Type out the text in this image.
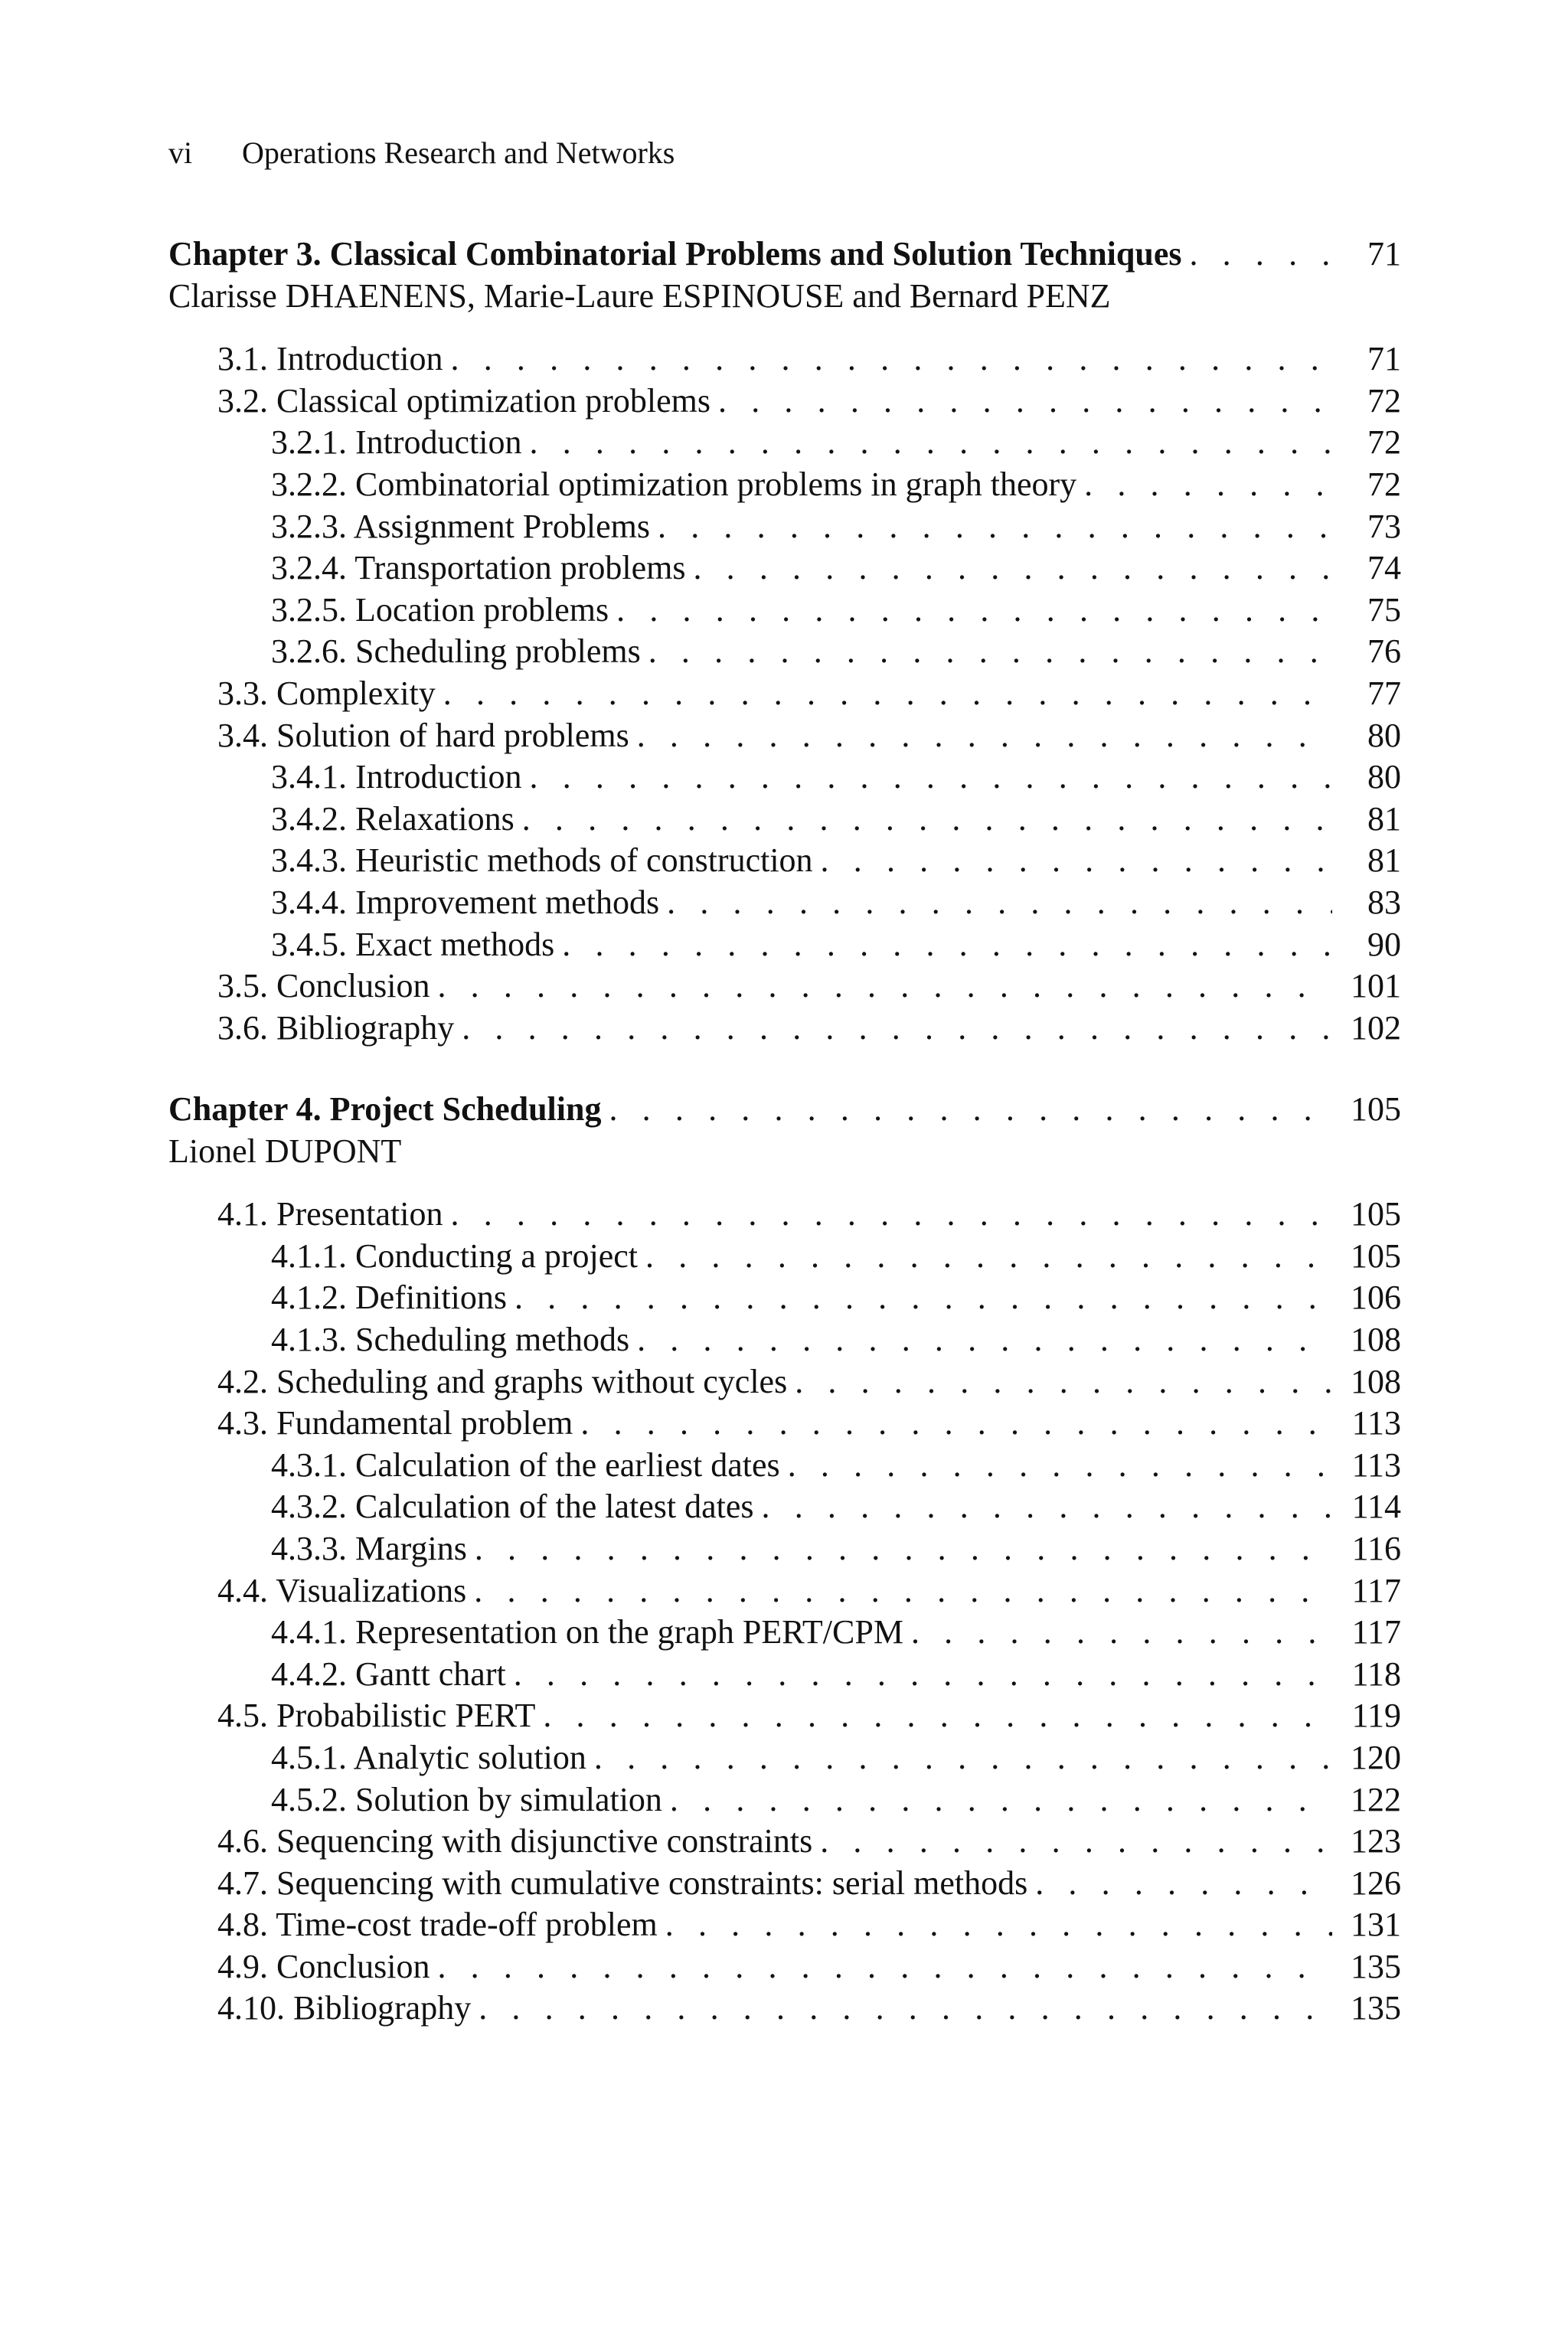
vi Operations Research and Networks
Chapter 3. Classical Combinatorial Problems and Solution Techniques . . .	71
Clarisse DHAENENS, Marie-Laure ESPINOUSE and Bernard PENZ
3.1. Introduction . . .	71
3.2. Classical optimization problems . . .	72
3.2.1. Introduction . . .	72
3.2.2. Combinatorial optimization problems in graph theory . . .	72
3.2.3. Assignment Problems . . .	73
3.2.4. Transportation problems . . .	74
3.2.5. Location problems . . .	75
3.2.6. Scheduling problems . . .	76
3.3. Complexity . . .	77
3.4. Solution of hard problems . . .	80
3.4.1. Introduction . . .	80
3.4.2. Relaxations . . .	81
3.4.3. Heuristic methods of construction . . .	81
3.4.4. Improvement methods . . .	83
3.4.5. Exact methods . . .	90
3.5. Conclusion . . .	101
3.6. Bibliography . . .	102
Chapter 4. Project Scheduling . . .	105
Lionel DUPONT
4.1. Presentation . . .	105
4.1.1. Conducting a project . . .	105
4.1.2. Definitions . . .	106
4.1.3. Scheduling methods . . .	108
4.2. Scheduling and graphs without cycles . . .	108
4.3. Fundamental problem . . .	113
4.3.1. Calculation of the earliest dates . . .	113
4.3.2. Calculation of the latest dates . . .	114
4.3.3. Margins . . .	116
4.4. Visualizations . . .	117
4.4.1. Representation on the graph PERT/CPM . . .	117
4.4.2. Gantt chart . . .	118
4.5. Probabilistic PERT . . .	119
4.5.1. Analytic solution . . .	120
4.5.2. Solution by simulation . . .	122
4.6. Sequencing with disjunctive constraints . . .	123
4.7. Sequencing with cumulative constraints: serial methods . . .	126
4.8. Time-cost trade-off problem . . .	131
4.9. Conclusion . . .	135
4.10. Bibliography . . .	135
